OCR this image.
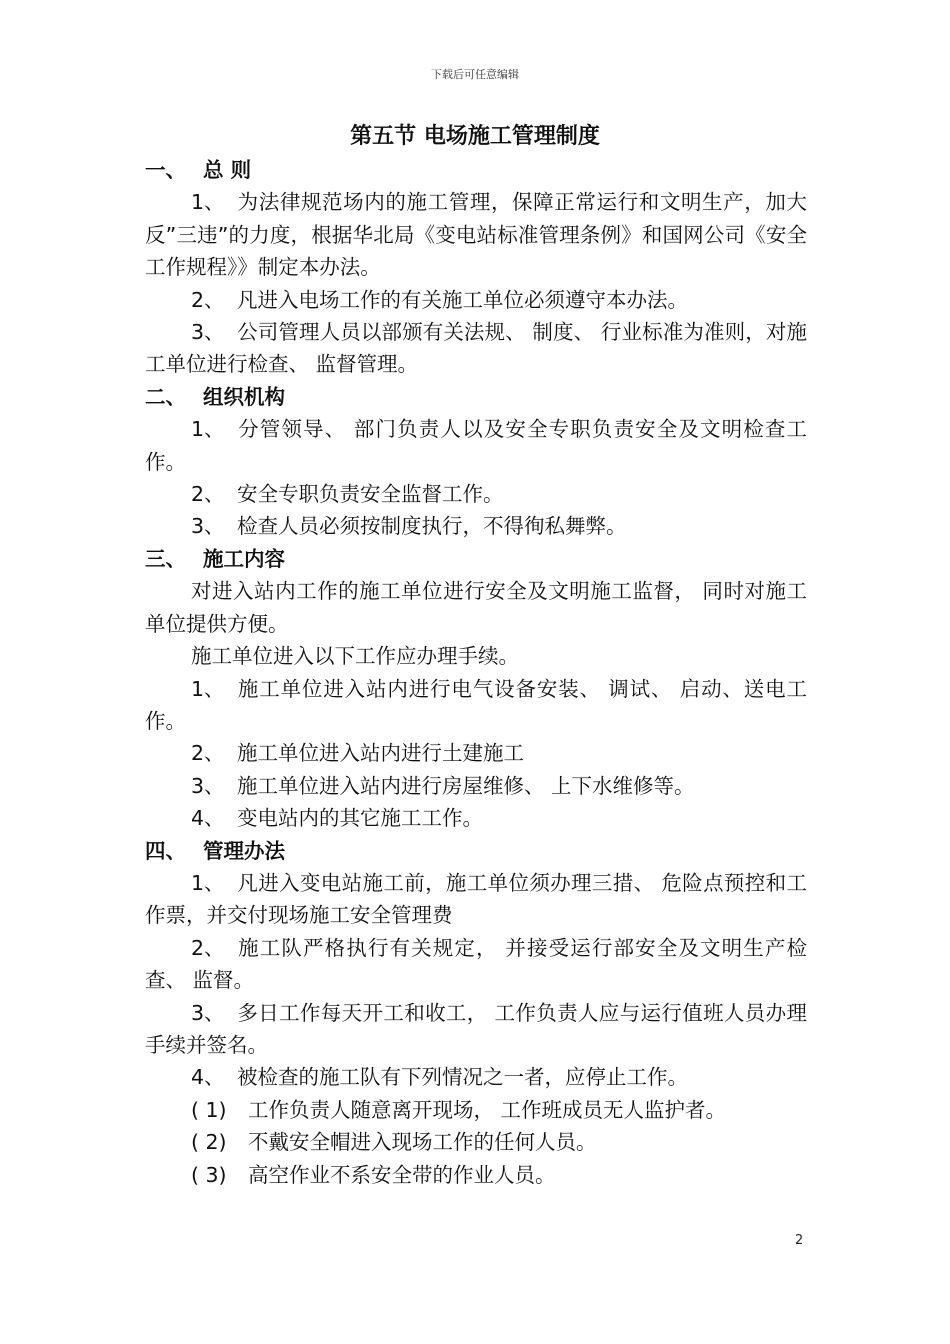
下载后可任意编辑
第五节 电场施工管理制度
一、 总 则
1、 为法律规范场内的施工管理，保障正常运行和文明生产，加大反”三违”的力度，根据华北局《变电站标准管理条例》和国网公司《安全工作规程》》制定本办法。
2、 凡进入电场工作的有关施工单位必须遵守本办法。
3、 公司管理人员以部颁有关法规、 制度、 行业标准为准则，对施工单位进行检查、 监督管理。
二、 组织机构
1、 分管领导、 部门负责人以及安全专职负责安全及文明检查工作。
2、 安全专职负责安全监督工作。
3、 检查人员必须按制度执行，不得徇私舞弊。
三、 施工内容
对进入站内工作的施工单位进行安全及文明施工监督， 同时对施工单位提供方便。
施工单位进入以下工作应办理手续。
1、 施工单位进入站内进行电气设备安装、 调试、 启动、送电工作。
2、 施工单位进入站内进行土建施工
3、 施工单位进入站内进行房屋维修、 上下水维修等。
4、 变电站内的其它施工工作。
四、 管理办法
1、 凡进入变电站施工前，施工单位须办理三措、 危险点预控和工作票，并交付现场施工安全管理费
2、 施工队严格执行有关规定， 并接受运行部安全及文明生产检查、 监督。
3、 多日工作每天开工和收工， 工作负责人应与运行值班人员办理手续并签名。
4、 被检查的施工队有下列情况之一者，应停止工作。
( 1) 工作负责人随意离开现场， 工作班成员无人监护者。
( 2) 不戴安全帽进入现场工作的任何人员。
( 3) 高空作业不系安全带的作业人员。
2
